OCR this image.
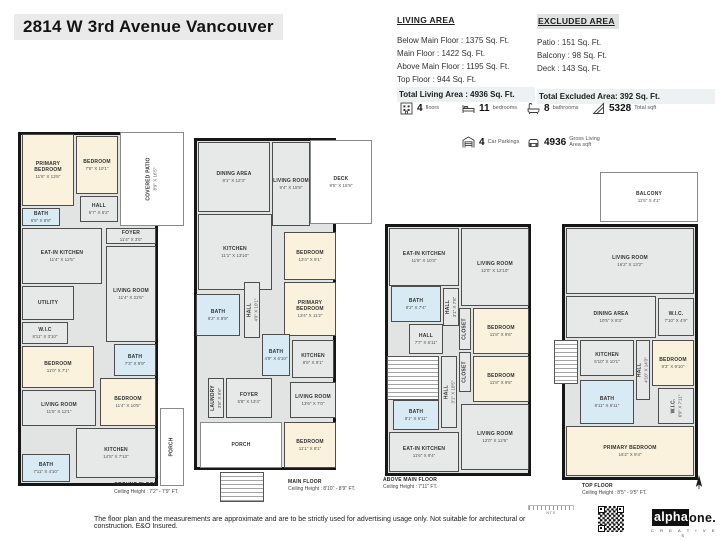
2814 W 3rd Avenue Vancouver	LIVING AREA
Below Main Floor : 1375 Sq. Ft.
Main Floor : 1422 Sq. Ft.
Above Main Floor : 1195 Sq. Ft.
Top Floor : 944 Sq. Ft.
Total Living Area : 4936 Sq. Ft.
EXCLUDED AREA
Patio : 151 Sq. Ft.
Balcony : 98 Sq. Ft.
Deck : 143 Sq. Ft.

Total Excluded Area: 392 Sq. Ft.
4 floors	11 bedrooms	8 bathrooms	5328 Total sqft
4 Car Parkings 4936 Gross Living Area sqft
PRIMARY BEDROOM
11'6" X 13'6"
BEDROOM
7'6" X 10'1"
HALL
5'7" X 5'2"
BATH
6'5" X 8'8"
COVERED PATIO 8'9" X 16'5"
FOYER
11'4" X 3'5"
EAT-IN KITCHEN
11'4" X 12'5"
LIVING ROOM
11'4" X 22'6"
UTILITY
W.I.C
8'11" X 3'10"
BATH
7'3" X 9'9"
BEDROOM
11'0" X 7'1"
BEDROOM
11'4" X 10'5"
LIVING ROOM
11'5" X 12'1"
KITCHEN
14'5" X 7'10"
BATH
7'11" X 4'10"
PORCH
GROUND FLOOR
Ceiling Height : 7'2" - 7'9" FT.
DINING AREA
8'1" X 12'3"	LIVING ROOM
9'4" X 15'9"
DECK
8'5" X 15'9"
KITCHEN
11'1" X 13'10"	BEDROOM
13'4" X 9'1"
PRIMARY BEDROOM
13'4" X 11'2"
BATH
8'2" X 8'9"
HALL 4'9" X 10'1"
BATH
4'9" X 6'10"	KITCHEN
8'5" X 9'1"
FOYER
5'8" X 13'4"
LAUNDRY 3'8" X 9'6"	LIVING ROOM
13'6" X 7'0"
PORCH	BEDROOM
11'1" X 8'1"
MAIN FLOOR
Ceiling Height : 8'10" - 8'9" FT.
EAT-IN KITCHEN
11'6" X 10'3"
LIVING ROOM
12'0" X 12'10"
BATH
8'2" X 7'4"	HALL 3'1" X 7'8"
CLOSET	BEDROOM
11'8" X 9'6"
HALL
7'7" X 6'11"
BATH
8'1" X 6'11"
HALL 3'1" X 18'5"
CLOSET	BEDROOM
11'8" X 9'5"
LIVING ROOM
12'0" X 12'6"
EAT-IN KITCHEN
11'6" X 9'4"
ABOVE MAIN FLOOR
Ceiling Height : 7'11" FT.
BALCONY
11'5" X 4'1"
LIVING ROOM
16'2" X 13'2"
DINING AREA
10'5" X 8'3"
W.I.C.
7'10" X 4'9"
KITCHEN
5'10" X 10'1"
HALL 4'10" X 14'3" BEDROOM
9'3" X 9'10"
W.I.C. 6'9" X 7'11"
BATH
8'11" X 6'11"
PRIMARY BEDROOM
16'2" X 9'4"
TOP FLOOR
Ceiling Height : 8'5" - 9'5" FT.
NTS
The floor plan and the measurements are approximate and are to be strictly used for advertising usage only. Not suitable for architectural or construction. E&O Insured.
alpha one.
C R E A T I V E S
